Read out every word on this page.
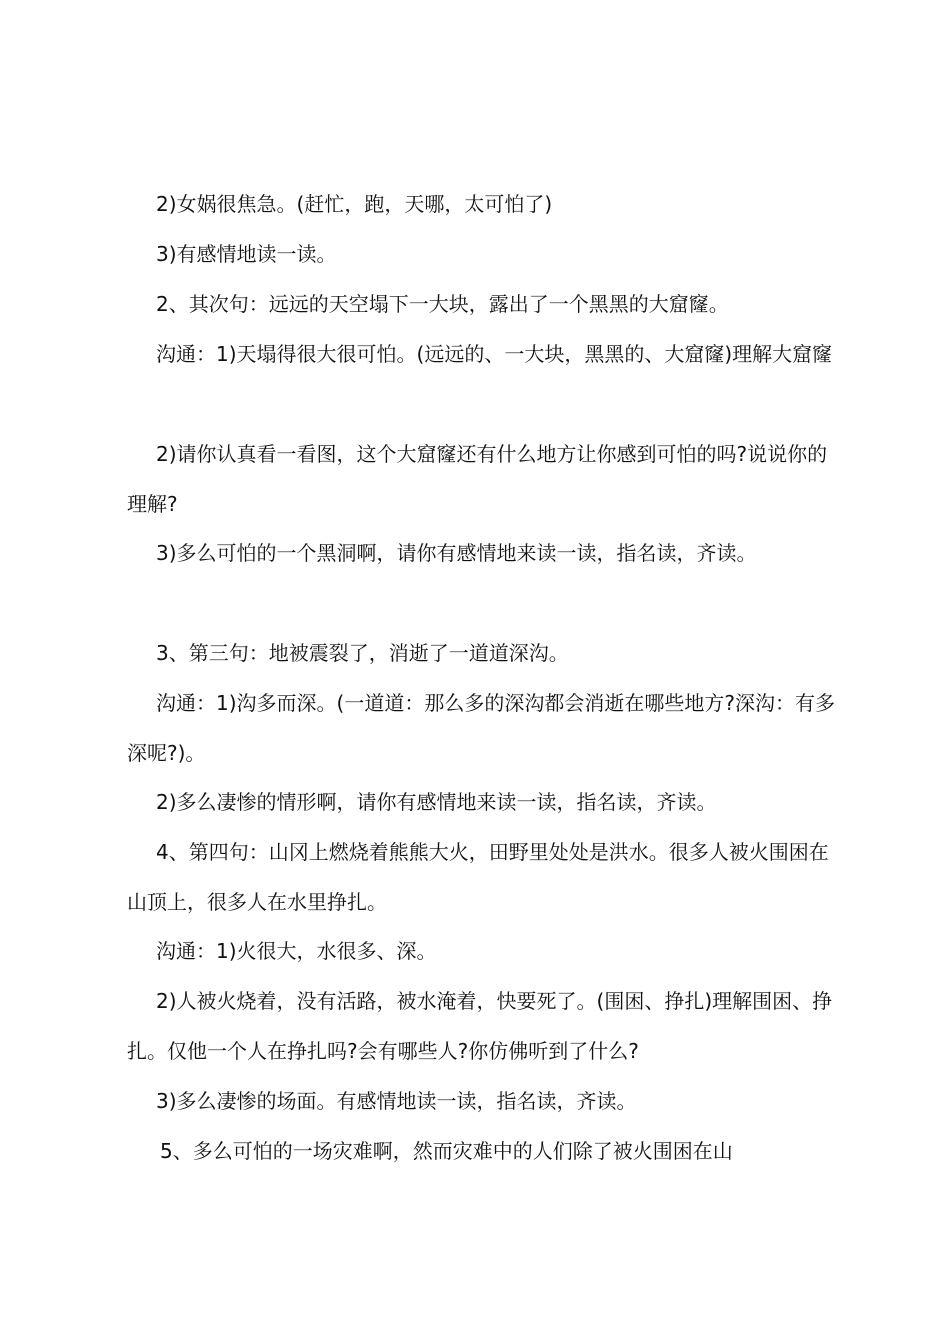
2)女娲很焦急。(赶忙，跑，天哪，太可怕了)

3)有感情地读一读。

2、其次句：远远的天空塌下一大块，露出了一个黑黑的大窟窿。

沟通：1)天塌得很大很可怕。(远远的、一大块，黑黑的、大窟窿)理解大窟窿

2)请你认真看一看图，这个大窟窿还有什么地方让你感到可怕的吗?说说你的理解?

3)多么可怕的一个黑洞啊，请你有感情地来读一读，指名读，齐读。

3、第三句：地被震裂了，消逝了一道道深沟。

沟通：1)沟多而深。(一道道：那么多的深沟都会消逝在哪些地方?深沟：有多深呢?)。

2)多么凄惨的情形啊，请你有感情地来读一读，指名读，齐读。

4、第四句：山冈上燃烧着熊熊大火，田野里处处是洪水。很多人被火围困在山顶上，很多人在水里挣扎。

沟通：1)火很大，水很多、深。

2)人被火烧着，没有活路，被水淹着，快要死了。(围困、挣扎)理解围困、挣扎。仅他一个人在挣扎吗?会有哪些人?你仿佛听到了什么?

3)多么凄惨的场面。有感情地读一读，指名读，齐读。

5、多么可怕的一场灾难啊，然而灾难中的人们除了被火围困在山
